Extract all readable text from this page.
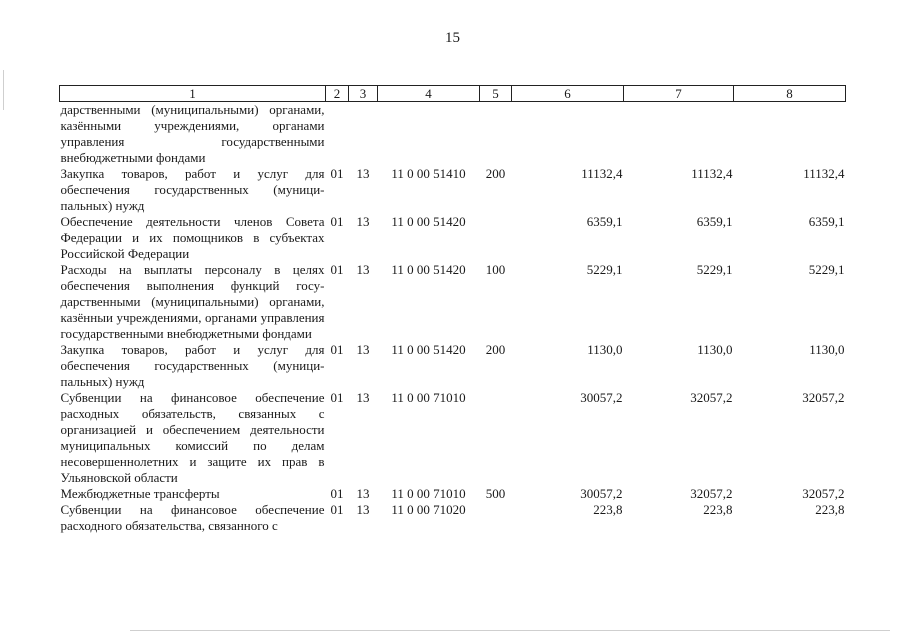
15
1	2	3	4	5	6	7	8
дарственными (муниципальными) органами, казёнными учреждениями, органами управления государственными внебюджетными фондами							
Закупка товаров, работ и услуг для обеспечения государственных (муниципальных) нужд	01	13	11 0 00 51410	200	11132,4	11132,4	11132,4
Обеспечение деятельности членов Совета Федерации и их помощников в субъектах Российской Федерации	01	13	11 0 00 51420		6359,1	6359,1	6359,1
Расходы на выплаты персоналу в целях обеспечения выполнения функций государственными (муниципальными) органами, казённыи учреждениями, органами управления государственными внебюджетными фондами	01	13	11 0 00 51420	100	5229,1	5229,1	5229,1
Закупка товаров, работ и услуг для обеспечения государственных (муниципальных) нужд	01	13	11 0 00 51420	200	1130,0	1130,0	1130,0
Субвенции на финансовое обеспечение расходных обязательств, связанных с организацией и обеспечением деятельности муниципальных комиссий по делам несовершеннолетних и защите их прав в Ульяновской области	01	13	11 0 00 71010		30057,2	32057,2	32057,2
Межбюджетные трансферты	01	13	11 0 00 71010	500	30057,2	32057,2	32057,2
Субвенции на финансовое обеспечение расходного обязательства, связанного с	01	13	11 0 00 71020		223,8	223,8	223,8
